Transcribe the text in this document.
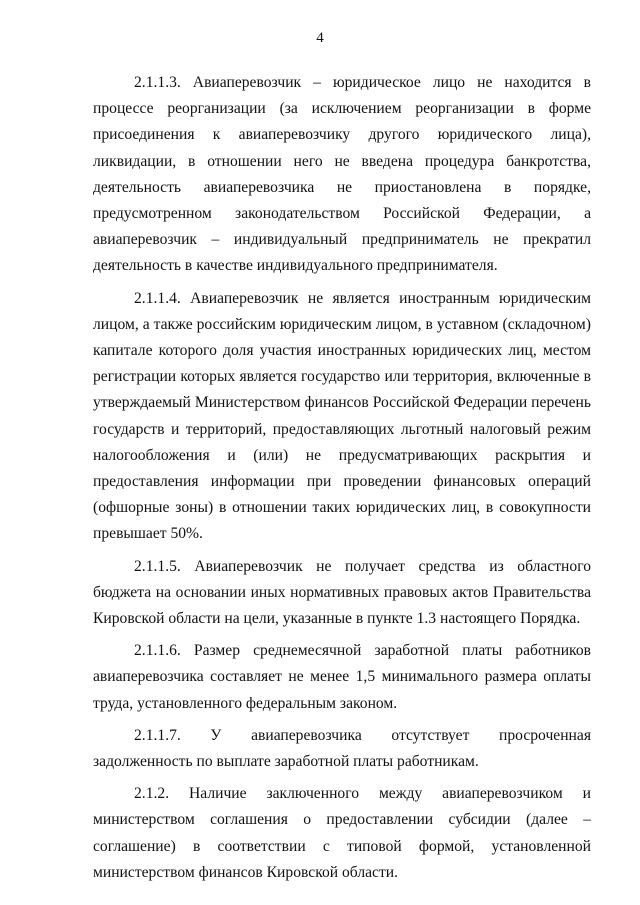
4

2.1.1.3. Авиаперевозчик – юридическое лицо не находится в процессе реорганизации (за исключением реорганизации в форме присоединения к авиаперевозчику другого юридического лица), ликвидации, в отношении него не введена процедура банкротства, деятельность авиаперевозчика не приостановлена в порядке, предусмотренном законодательством Российской Федерации, а авиаперевозчик – индивидуальный предприниматель не прекратил деятельность в качестве индивидуального предпринимателя.

2.1.1.4. Авиаперевозчик не является иностранным юридическим лицом, а также российским юридическим лицом, в уставном (складочном) капитале которого доля участия иностранных юридических лиц, местом регистрации которых является государство или территория, включенные в утверждаемый Министерством финансов Российской Федерации перечень государств и территорий, предоставляющих льготный налоговый режим налогообложения и (или) не предусматривающих раскрытия и предоставления информации при проведении финансовых операций (офшорные зоны) в отношении таких юридических лиц, в совокупности превышает 50%.

2.1.1.5. Авиаперевозчик не получает средства из областного бюджета на основании иных нормативных правовых актов Правительства Кировской области на цели, указанные в пункте 1.3 настоящего Порядка.

2.1.1.6. Размер среднемесячной заработной платы работников авиаперевозчика составляет не менее 1,5 минимального размера оплаты труда, установленного федеральным законом.

2.1.1.7. У авиаперевозчика отсутствует просроченная задолженность по выплате заработной платы работникам.

2.1.2. Наличие заключенного между авиаперевозчиком и министерством соглашения о предоставлении субсидии (далее – соглашение) в соответствии с типовой формой, установленной министерством финансов Кировской области.
